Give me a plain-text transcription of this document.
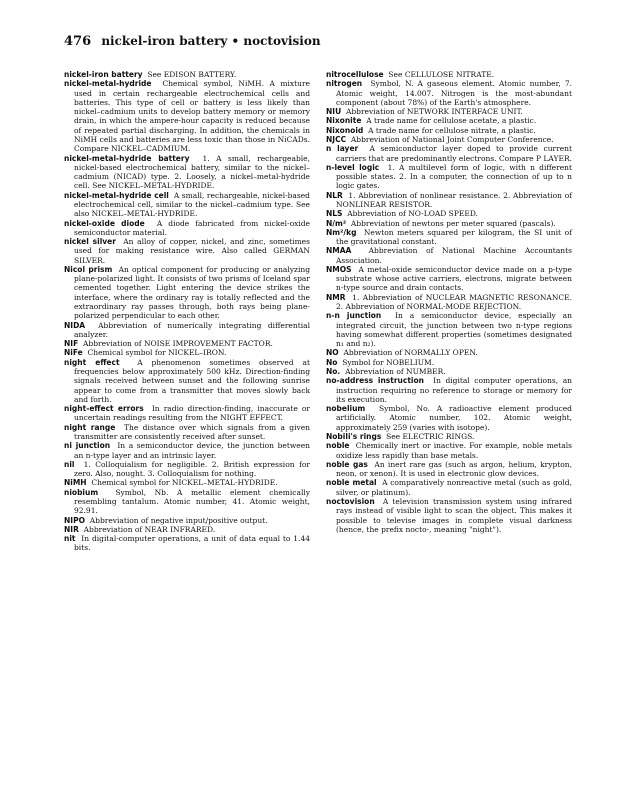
476 nickel-iron battery • noctovision

nickel-iron battery See EDISON BATTERY.

nickel-metal-hydride Chemical symbol, NiMH. A mixture used in certain rechargeable electrochemical cells and batteries. This type of cell or battery is less likely than nickel–cadmium units to develop battery memory or memory drain, in which the ampere-hour capacity is reduced because of repeated partial discharging. In addition, the chemicals in NiMH cells and batteries are less toxic than those in NiCADs. Compare NICKEL–CADMIUM.

nickel-metal-hydride battery 1. A small, rechargeable, nickel-based electrochemical battery, similar to the nickel–cadmium (NICAD) type. 2. Loosely, a nickel–metal-hydride cell. See NICKEL–METAL-HYDRIDE.

nickel-metal-hydride cell A small, rechargeable, nickel-based electrochemical cell, similar to the nickel–cadmium type. See also NICKEL–METAL-HYDRIDE.

nickel-oxide diode A diode fabricated from nickel-oxide semiconductor material.

nickel silver An alloy of copper, nickel, and zinc, sometimes used for making resistance wire. Also called GERMAN SILVER.

Nicol prism An optical component for producing or analyzing plane-polarized light. It consists of two prisms of Iceland spar cemented together. Light entering the device strikes the interface, where the ordinary ray is totally reflected and the extraordinary ray passes through, both rays being plane-polarized perpendicular to each other.

NIDA Abbreviation of numerically integrating differential analyzer.

NIF Abbreviation of NOISE IMPROVEMENT FACTOR.

NiFe Chemical symbol for NICKEL–IRON.

night effect A phenomenon sometimes observed at frequencies below approximately 500 kHz. Direction-finding signals received between sunset and the following sunrise appear to come from a transmitter that moves slowly back and forth.

night-effect errors In radio direction-finding, inaccurate or uncertain readings resulting from the NIGHT EFFECT.

night range The distance over which signals from a given transmitter are consistently received after sunset.

ni junction In a semiconductor device, the junction between an n-type layer and an intrinsic layer.

nil 1. Colloquialism for negligible. 2. British expression for zero. Also, nought. 3. Colloquialism for nothing.

NiMH Chemical symbol for NICKEL–METAL-HYDRIDE.

niobium Symbol, Nb. A metallic element chemically resembling tantalum. Atomic number, 41. Atomic weight, 92.91.

NIPO Abbreviation of negative input/positive output.

NIR Abbreviation of NEAR INFRARED.

nit In digital-computer operations, a unit of data equal to 1.44 bits.

nitrocellulose See CELLULOSE NITRATE.

nitrogen Symbol, N. A gaseous element. Atomic number, 7. Atomic weight, 14.007. Nitrogen is the most-abundant component (about 78%) of the Earth's atmosphere.

NIU Abbreviation of NETWORK INTERFACE UNIT.

Nixonite A trade name for cellulose acetate, a plastic.

Nixonoid A trade name for cellulose nitrate, a plastic.

NJCC Abbreviation of National Joint Computer Conference.

n layer A semiconductor layer doped to provide current carriers that are predominantly electrons. Compare P LAYER.

n-level logic 1. A multilevel form of logic, with n different possible states. 2. In a computer, the connection of up to n logic gates.

NLR 1. Abbreviation of nonlinear resistance. 2. Abbreviation of NONLINEAR RESISTOR.

NLS Abbreviation of NO-LOAD SPEED.

N/m² Abbreviation of newtons per meter squared (pascals).

Nm²/kg Newton meters squared per kilogram, the SI unit of the gravitational constant.

NMAA Abbreviation of National Machine Accountants Association.

NMOS A metal-oxide semiconductor device made on a p-type substrate whose active carriers, electrons, migrate between n-type source and drain contacts.

NMR 1. Abbreviation of NUCLEAR MAGNETIC RESONANCE. 2. Abbreviation of NORMAL-MODE REJECTION.

n-n junction In a semiconductor device, especially an integrated circuit, the junction between two n-type regions having somewhat different properties (sometimes designated n₁ and n₂).

NO Abbreviation of NORMALLY OPEN.

No Symbol for NOBELIUM.

No. Abbreviation of NUMBER.

no-address instruction In digital computer operations, an instruction requiring no reference to storage or memory for its execution.

nobelium Symbol, No. A radioactive element produced artificially. Atomic number, 102. Atomic weight, approximately 259 (varies with isotope).

Nobili's rings See ELECTRIC RINGS.

noble Chemically inert or inactive. For example, noble metals oxidize less rapidly than base metals.

noble gas An inert rare gas (such as argon, helium, krypton, neon, or xenon). It is used in electronic glow devices.

noble metal A comparatively nonreactive metal (such as gold, silver, or platinum).

noctovision A television transmission system using infrared rays instead of visible light to scan the object. This makes it possible to televise images in complete visual darkness (hence, the prefix nocto-, meaning "night").
